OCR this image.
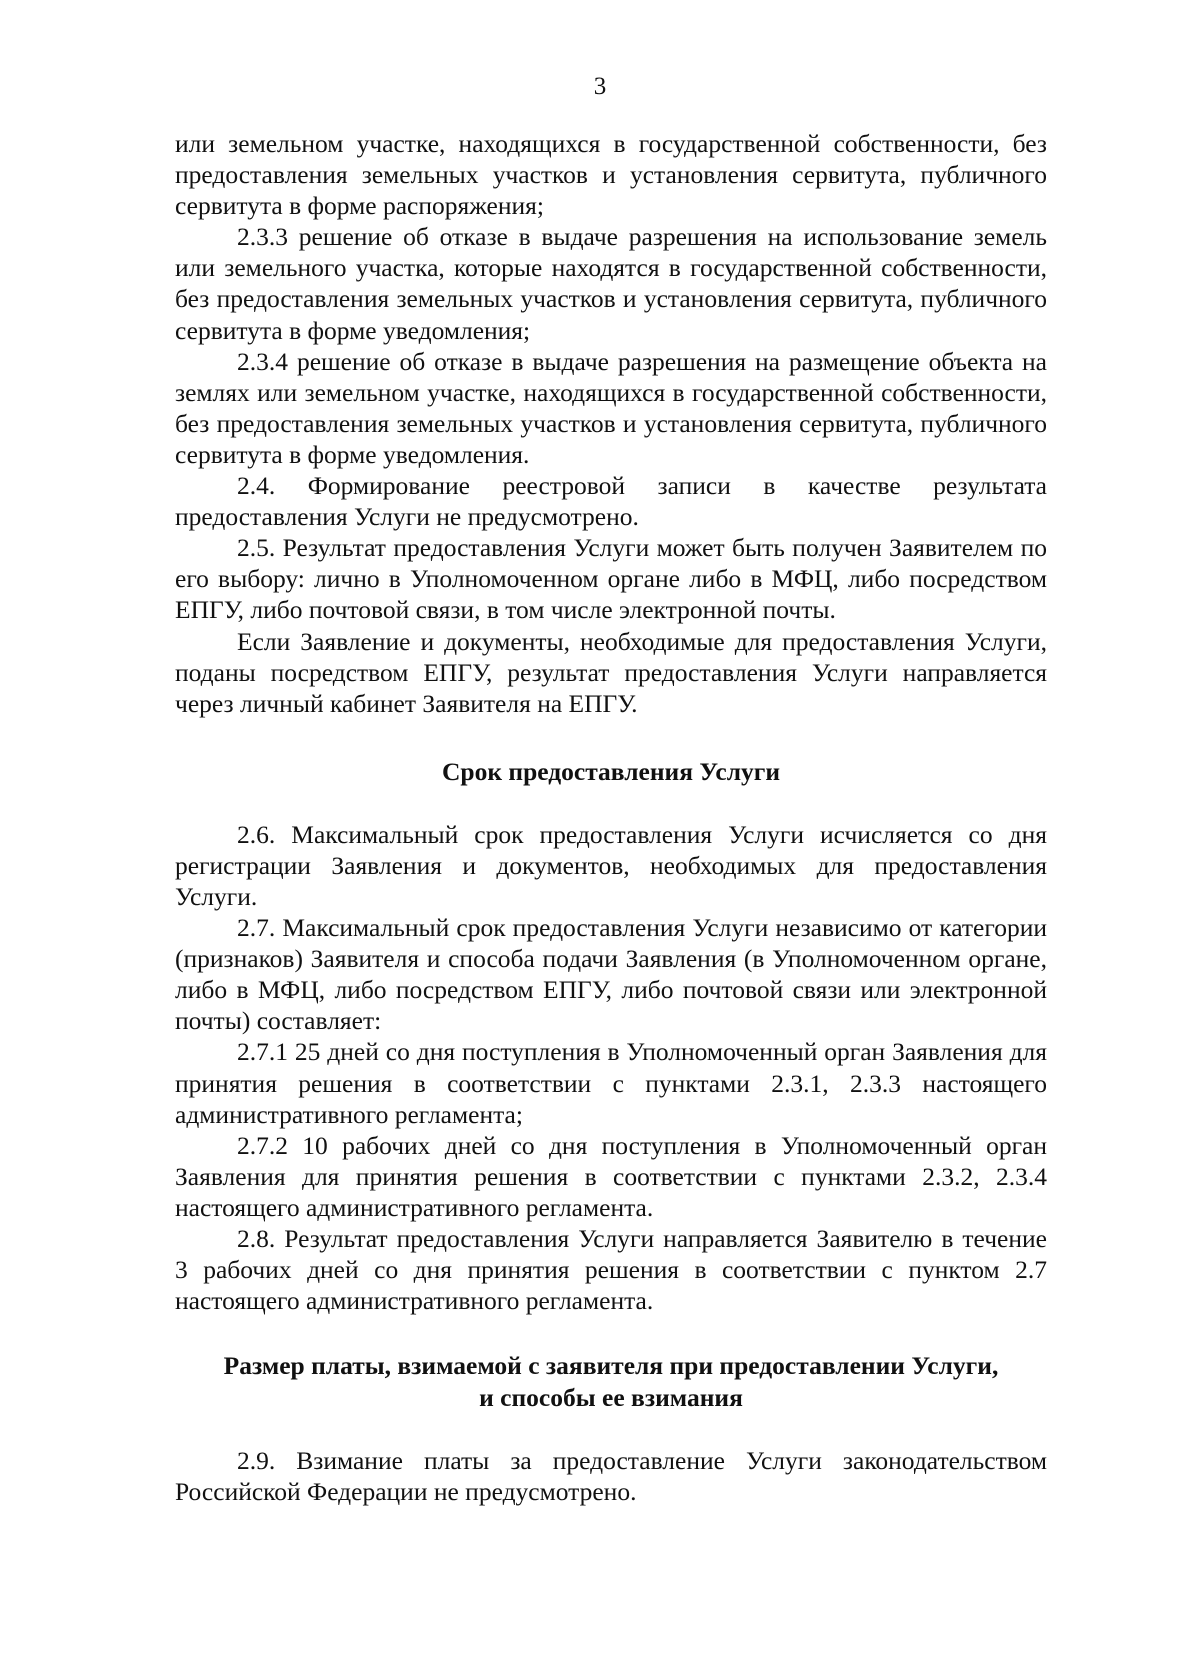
3

или земельном участке, находящихся в государственной собственности, без предоставления земельных участков и установления сервитута, публичного сервитута в форме распоряжения;

2.3.3 решение об отказе в выдаче разрешения на использование земель или земельного участка, которые находятся в государственной собственности, без предоставления земельных участков и установления сервитута, публичного сервитута в форме уведомления;

2.3.4 решение об отказе в выдаче разрешения на размещение объекта на землях или земельном участке, находящихся в государственной собственности, без предоставления земельных участков и установления сервитута, публичного сервитута в форме уведомления.

2.4. Формирование реестровой записи в качестве результата предоставления Услуги не предусмотрено.

2.5. Результат предоставления Услуги может быть получен Заявителем по его выбору: лично в Уполномоченном органе либо в МФЦ, либо посредством ЕПГУ, либо почтовой связи, в том числе электронной почты.

Если Заявление и документы, необходимые для предоставления Услуги, поданы посредством ЕПГУ, результат предоставления Услуги направляется через личный кабинет Заявителя на ЕПГУ.

Срок предоставления Услуги

2.6. Максимальный срок предоставления Услуги исчисляется со дня регистрации Заявления и документов, необходимых для предоставления Услуги.

2.7. Максимальный срок предоставления Услуги независимо от категории (признаков) Заявителя и способа подачи Заявления (в Уполномоченном органе, либо в МФЦ, либо посредством ЕПГУ, либо почтовой связи или электронной почты) составляет:

2.7.1 25 дней со дня поступления в Уполномоченный орган Заявления для принятия решения в соответствии с пунктами 2.3.1, 2.3.3 настоящего административного регламента;

2.7.2 10 рабочих дней со дня поступления в Уполномоченный орган Заявления для принятия решения в соответствии с пунктами 2.3.2, 2.3.4 настоящего административного регламента.

2.8. Результат предоставления Услуги направляется Заявителю в течение 3 рабочих дней со дня принятия решения в соответствии с пунктом 2.7 настоящего административного регламента.

Размер платы, взимаемой с заявителя при предоставлении Услуги,
и способы ее взимания

2.9. Взимание платы за предоставление Услуги законодательством Российской Федерации не предусмотрено.
